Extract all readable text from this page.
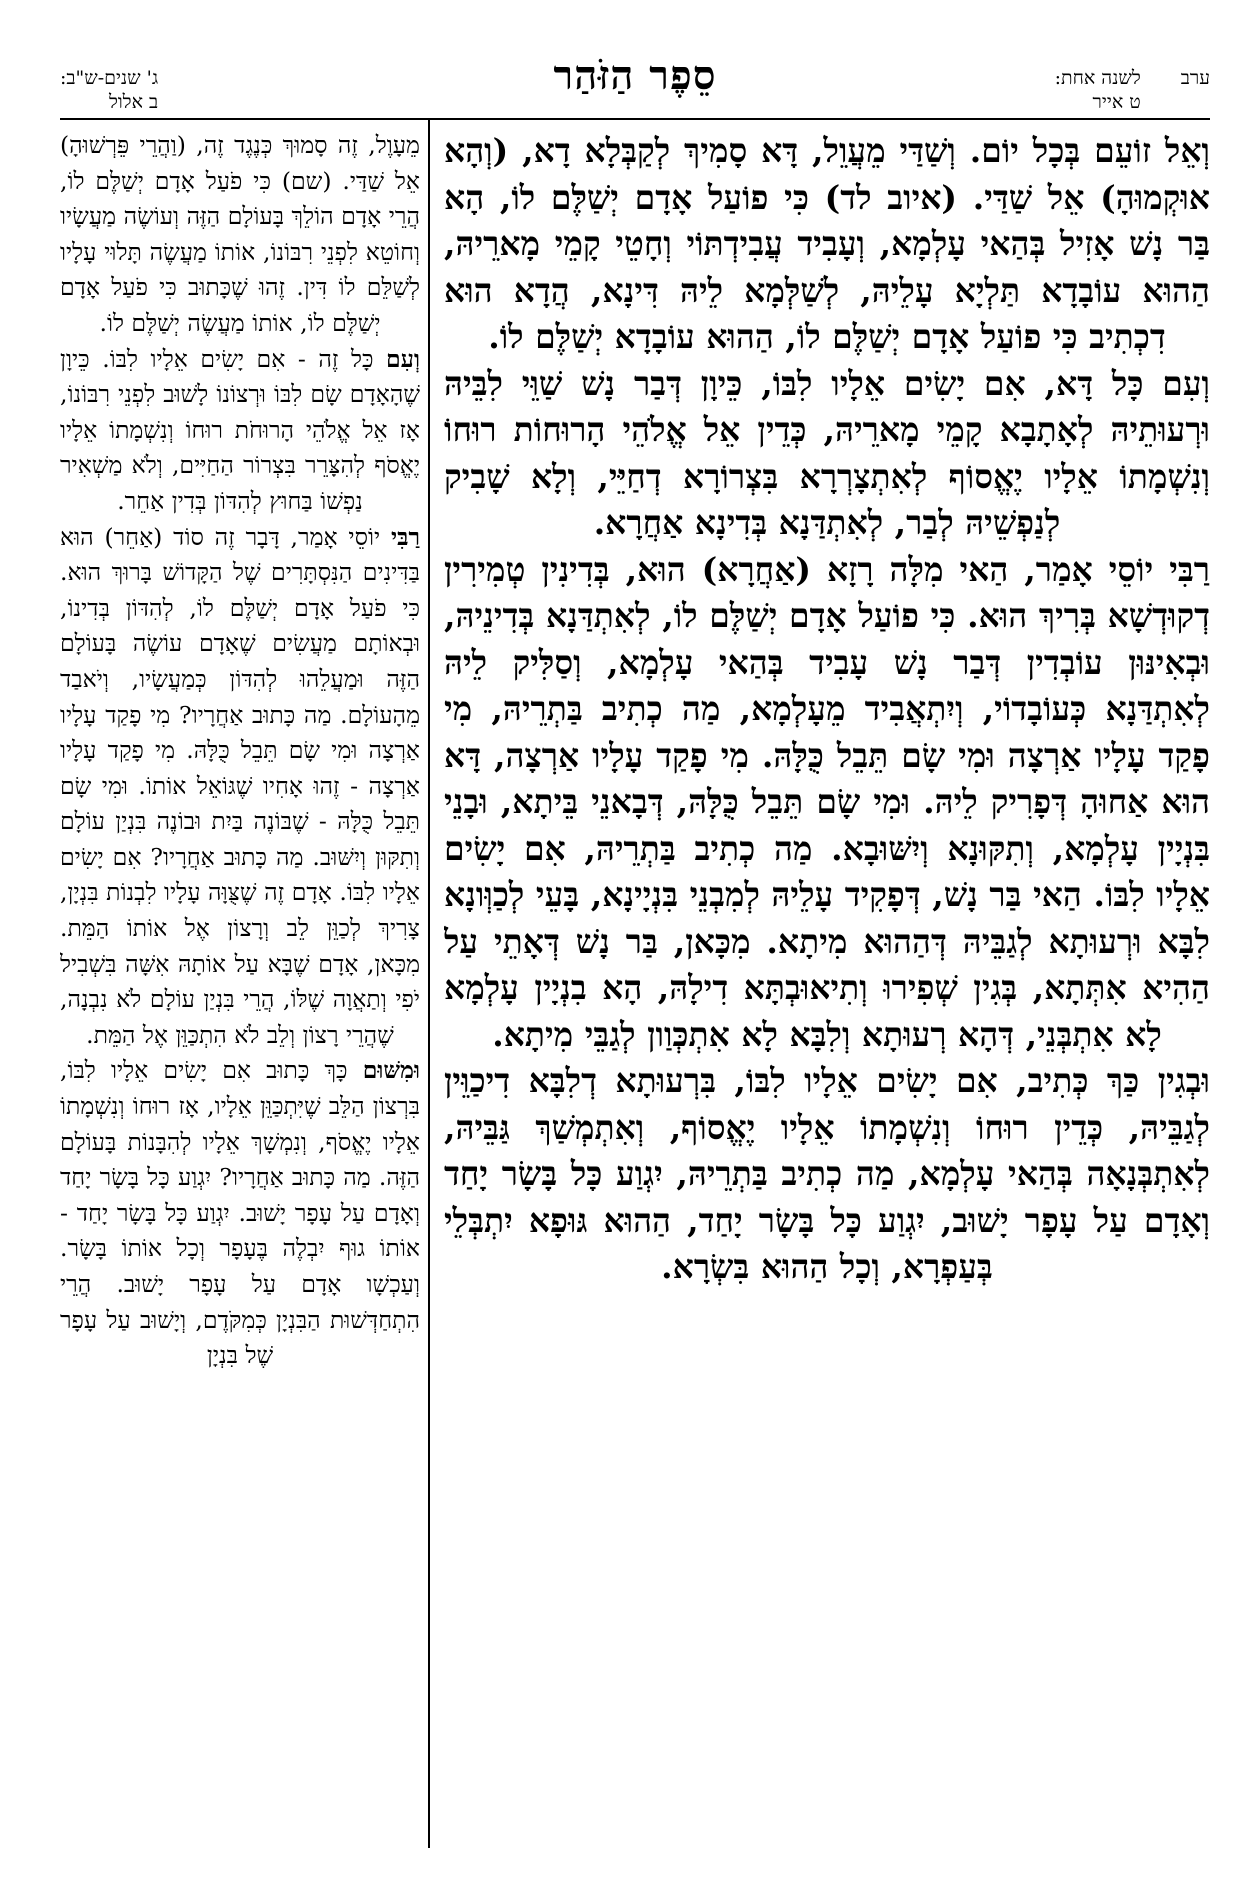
ערב
לשנה אחת:
ט אייר
סֵפֶר הַזֹּהַר
ג' שנים-ש"ב:
ב אלול

וְאֵל זוֹעֵם בְּכָל יוֹם. וְשַׁדַּי מֵעֲוֵל, דָּא סָמִיךְ לְקַבְּלָא דָא, (וְהָא אוּקְמוּהָ) אֵל שַׁדַּי. (איוב לד) כִּי פוֹעַל אָדָם יְשַׁלֶּם לוֹ, הָא בַּר נָשׁ אָזִיל בְּהַאי עָלְמָא, וְעָבִיד עֲבִידְתּוֹי וְחָטֵי קָמֵי מָארֵיהּ, הַהוּא עוֹבָדָא תַּלְיָא עָלֵיהּ, לְשַׁלְּמָא לֵיהּ דִּינָא, הֲדָא הוּא דִכְתִיב כִּי פוֹעַל אָדָם יְשַׁלֶּם לוֹ, הַהוּא עוֹבָדָא יְשַׁלֶּם לוֹ.

וְעִם כָּל דָּא, אִם יָשִׂים אֵלָיו לִבּוֹ, כֵּיוָן דְּבַר נָשׁ שַׁוֵּי לִבֵּיהּ וּרְעוּתֵיהּ לְאָתָבָא קָמֵי מָארֵיהּ, כְּדֵין אֵל אֱלֹהֵי הָרוּחוֹת רוּחוֹ וְנִשְׁמָתוֹ אֵלָיו יֶאֱסוֹף לְאִתְצָרְרָא בִּצְרוֹרָא דְחַיֵּי, וְלָא שָׁבִיק לְנַפְשֵׁיהּ לְבַר, לְאִתְדַּנָא בְּדִינָא אַחֲרָא.

רַבִּי יוֹסֵי אָמַר, הַאי מִלָּה רָזָא (אַחֲרָא) הוּא, בְּדִינִין טְמִירִין דְקוּדְשָׁא בְּרִיךְ הוּא. כִּי פוֹעַל אָדָם יְשַׁלֶּם לוֹ, לְאִתְדַּנָא בְּדִינֵיהּ, וּבְאִינּוּן עוֹבְדִין דְּבַר נָשׁ עָבִיד בְּהַאי עָלְמָא, וְסַלִּיק לֵיהּ לְאִתְדַּנָא כְּעוֹבָדוֹי, וְיִתְאֲבִיד מֵעָלְמָא, מַה כְתִיב בַּתְרֵיהּ, מִי פָקַד עָלָיו אַרְצָה וּמִי שָׂם תֵּבֵל כֻּלָּהּ. מִי פָקַד עָלָיו אַרְצָה, דָּא הוּא אַחוּהָ דְּפָרִיק לֵיהּ. וּמִי שָׂם תֵּבֵל כֻּלָּהּ, דְּבָאנֵי בֵּיתָא, וּבָנֵי בִּנְיָין עָלְמָא, וְתִקּוּנָא וְיִשּׁוּבָא. מַה כְתִיב בַּתְרֵיהּ, אִם יָשִׂים אֵלָיו לִבּוֹ. הַאי בַּר נָשׁ, דְּפָקִיד עָלֵיהּ לְמִבְנֵי בִּנְיָינָא, בָּעֵי לְכַוְּונָא לִבָּא וּרְעוּתָא לְגַבֵּיהּ דְּהַהוּא מִיתָא. מִכָּאן, בַּר נָשׁ דְּאָתֵי עַל הַהִיא אִתְּתָא, בְּגִין שְׁפִירוּ וְתִיאוּבְתָּא דִילָהּ, הָא בִנְיָין עָלְמָא לָא אִתְבְּנֵי, דְּהָא רְעוּתָא וְלִבָּא לָא אִתְכְּוַון לְגַבֵּי מִיתָא.

וּבְגִין כַּךְ כְּתִיב, אִם יָשִׂים אֵלָיו לִבּוֹ, בִּרְעוּתָא דְלִבָּא דִיכַוֵּין לְגַבֵּיהּ, כְּדֵין רוּחוֹ וְנִשְׁמָתוֹ אֵלָיו יֶאֱסוֹף, וְאִתְמְשַׁךְ גַּבֵּיהּ, לְאִתְבְּנָאָה בְּהַאי עָלְמָא, מַה כְתִיב בַּתְרֵיהּ, יִגְוַע כָּל בָּשָׂר יָחַד וְאָדָם עַל עָפָר יָשׁוּב, יִגְוַע כָּל בָּשָׂר יָחַד, הַהוּא גּוּפָא יִתְבְּלֵי בְּעַפְרָא, וְכָל הַהוּא בִּשְׂרָא.

מֵעָוֶל, זֶה סָמוּךְ כְּנֶגֶד זֶה, (וַהֲרֵי פֵּרְשׁוּהָ) אֵל שַׁדַּי. (שם) כִּי פֹעַל אָדָם יְשַׁלֶּם לוֹ, הֲרֵי אָדָם הוֹלֵךְ בָּעוֹלָם הַזֶּה וְעוֹשֶׂה מַעֲשָׂיו וְחוֹטֵא לִפְנֵי רִבּוֹנוֹ, אוֹתוֹ מַעֲשֶׂה תָּלוּי עָלָיו לְשַׁלֵּם לוֹ דִּין. זֶהוּ שֶׁכָּתוּב כִּי פֹעַל אָדָם יְשַׁלֶּם לוֹ, אוֹתוֹ מַעֲשֶׂה יְשַׁלֶּם לוֹ.

וְעִם כָּל זֶה - אִם יָשִׂים אֵלָיו לִבּוֹ. כֵּיוָן שֶׁהָאָדָם שָׂם לִבּוֹ וּרְצוֹנוֹ לָשׁוּב לִפְנֵי רִבּוֹנוֹ, אָז אֵל אֱלֹהֵי הָרוּחֹת רוּחוֹ וְנִשְׁמָתוֹ אֵלָיו יֶאֱסֹף לְהִצָּרֵר בִּצְרוֹר הַחַיִּים, וְלֹא מַשְׁאִיר נַפְשׁוֹ בַּחוּץ לְהִדּוֹן בְּדִין אַחֵר.

רַבִּי יוֹסֵי אָמַר, דָּבָר זֶה סוֹד (אַחֵר) הוּא בַּדִּינִים הַנִּסְתָּרִים שֶׁל הַקָּדוֹשׁ בָּרוּךְ הוּא. כִּי פֹעַל אָדָם יְשַׁלֶּם לוֹ, לְהִדּוֹן בְּדִינוֹ, וּבְאוֹתָם מַעֲשִׂים שֶׁאָדָם עוֹשֶׂה בָּעוֹלָם הַזֶּה וּמַעֲלֵהוּ לְהִדּוֹן כְּמַעֲשָׂיו, וְיֹאבַד מֵהָעוֹלָם. מַה כָּתוּב אַחֲרָיו? מִי פָקַד עָלָיו אַרְצָה וּמִי שָׂם תֵּבֵל כֻּלָּהּ. מִי פָקַד עָלָיו אַרְצָה - זֶהוּ אָחִיו שֶׁגּוֹאֵל אוֹתוֹ. וּמִי שָׂם תֵּבֵל כֻּלָּהּ - שֶׁבּוֹנֶה בַּיִת וּבוֹנֶה בִּנְיַן עוֹלָם וְתִקּוּן וְיִשּׁוּב. מַה כָּתוּב אַחֲרָיו? אִם יָשִׂים אֵלָיו לִבּוֹ. אָדָם זֶה שֶׁצֻּוָּה עָלָיו לִבְנוֹת בִּנְיָן, צָרִיךְ לְכַוֵּן לֵב וְרָצוֹן אֶל אוֹתוֹ הַמֵּת. מִכָּאן, אָדָם שֶׁבָּא עַל אוֹתָהּ אִשָּׁה בִּשְׁבִיל יֹפִי וְתַאֲוָה שֶׁלּוֹ, הֲרֵי בִּנְיַן עוֹלָם לֹא נִבְנָה, שֶׁהֲרֵי רָצוֹן וְלֵב לֹא הִתְכַּוֵּן אֶל הַמֵּת.

וּמִשּׁוּם כָּךְ כָּתוּב אִם יָשִׂים אֵלָיו לִבּוֹ, בִּרְצוֹן הַלֵּב שֶׁיִּתְכַּוֵּן אֵלָיו, אָז רוּחוֹ וְנִשְׁמָתוֹ אֵלָיו יֶאֱסֹף, וְנִמְשָׁךְ אֵלָיו לְהִבָּנוֹת בָּעוֹלָם הַזֶּה. מַה כָּתוּב אַחֲרָיו? יִגְוַע כָּל בָּשָׂר יָחַד וְאָדָם עַל עָפָר יָשׁוּב. יִגְוַע כָּל בָּשָׂר יָחַד - אוֹתוֹ גוּף יִבְלֶה בֶּעָפָר וְכָל אוֹתוֹ בָּשָׂר. וְעַכְשָׁו אָדָם עַל עָפָר יָשׁוּב. הֲרֵי הִתְחַדְּשׁוּת הַבִּנְיָן כְּמִקֹּדֶם, וְיָשׁוּב עַל עָפָר שֶׁל בִּנְיָן
